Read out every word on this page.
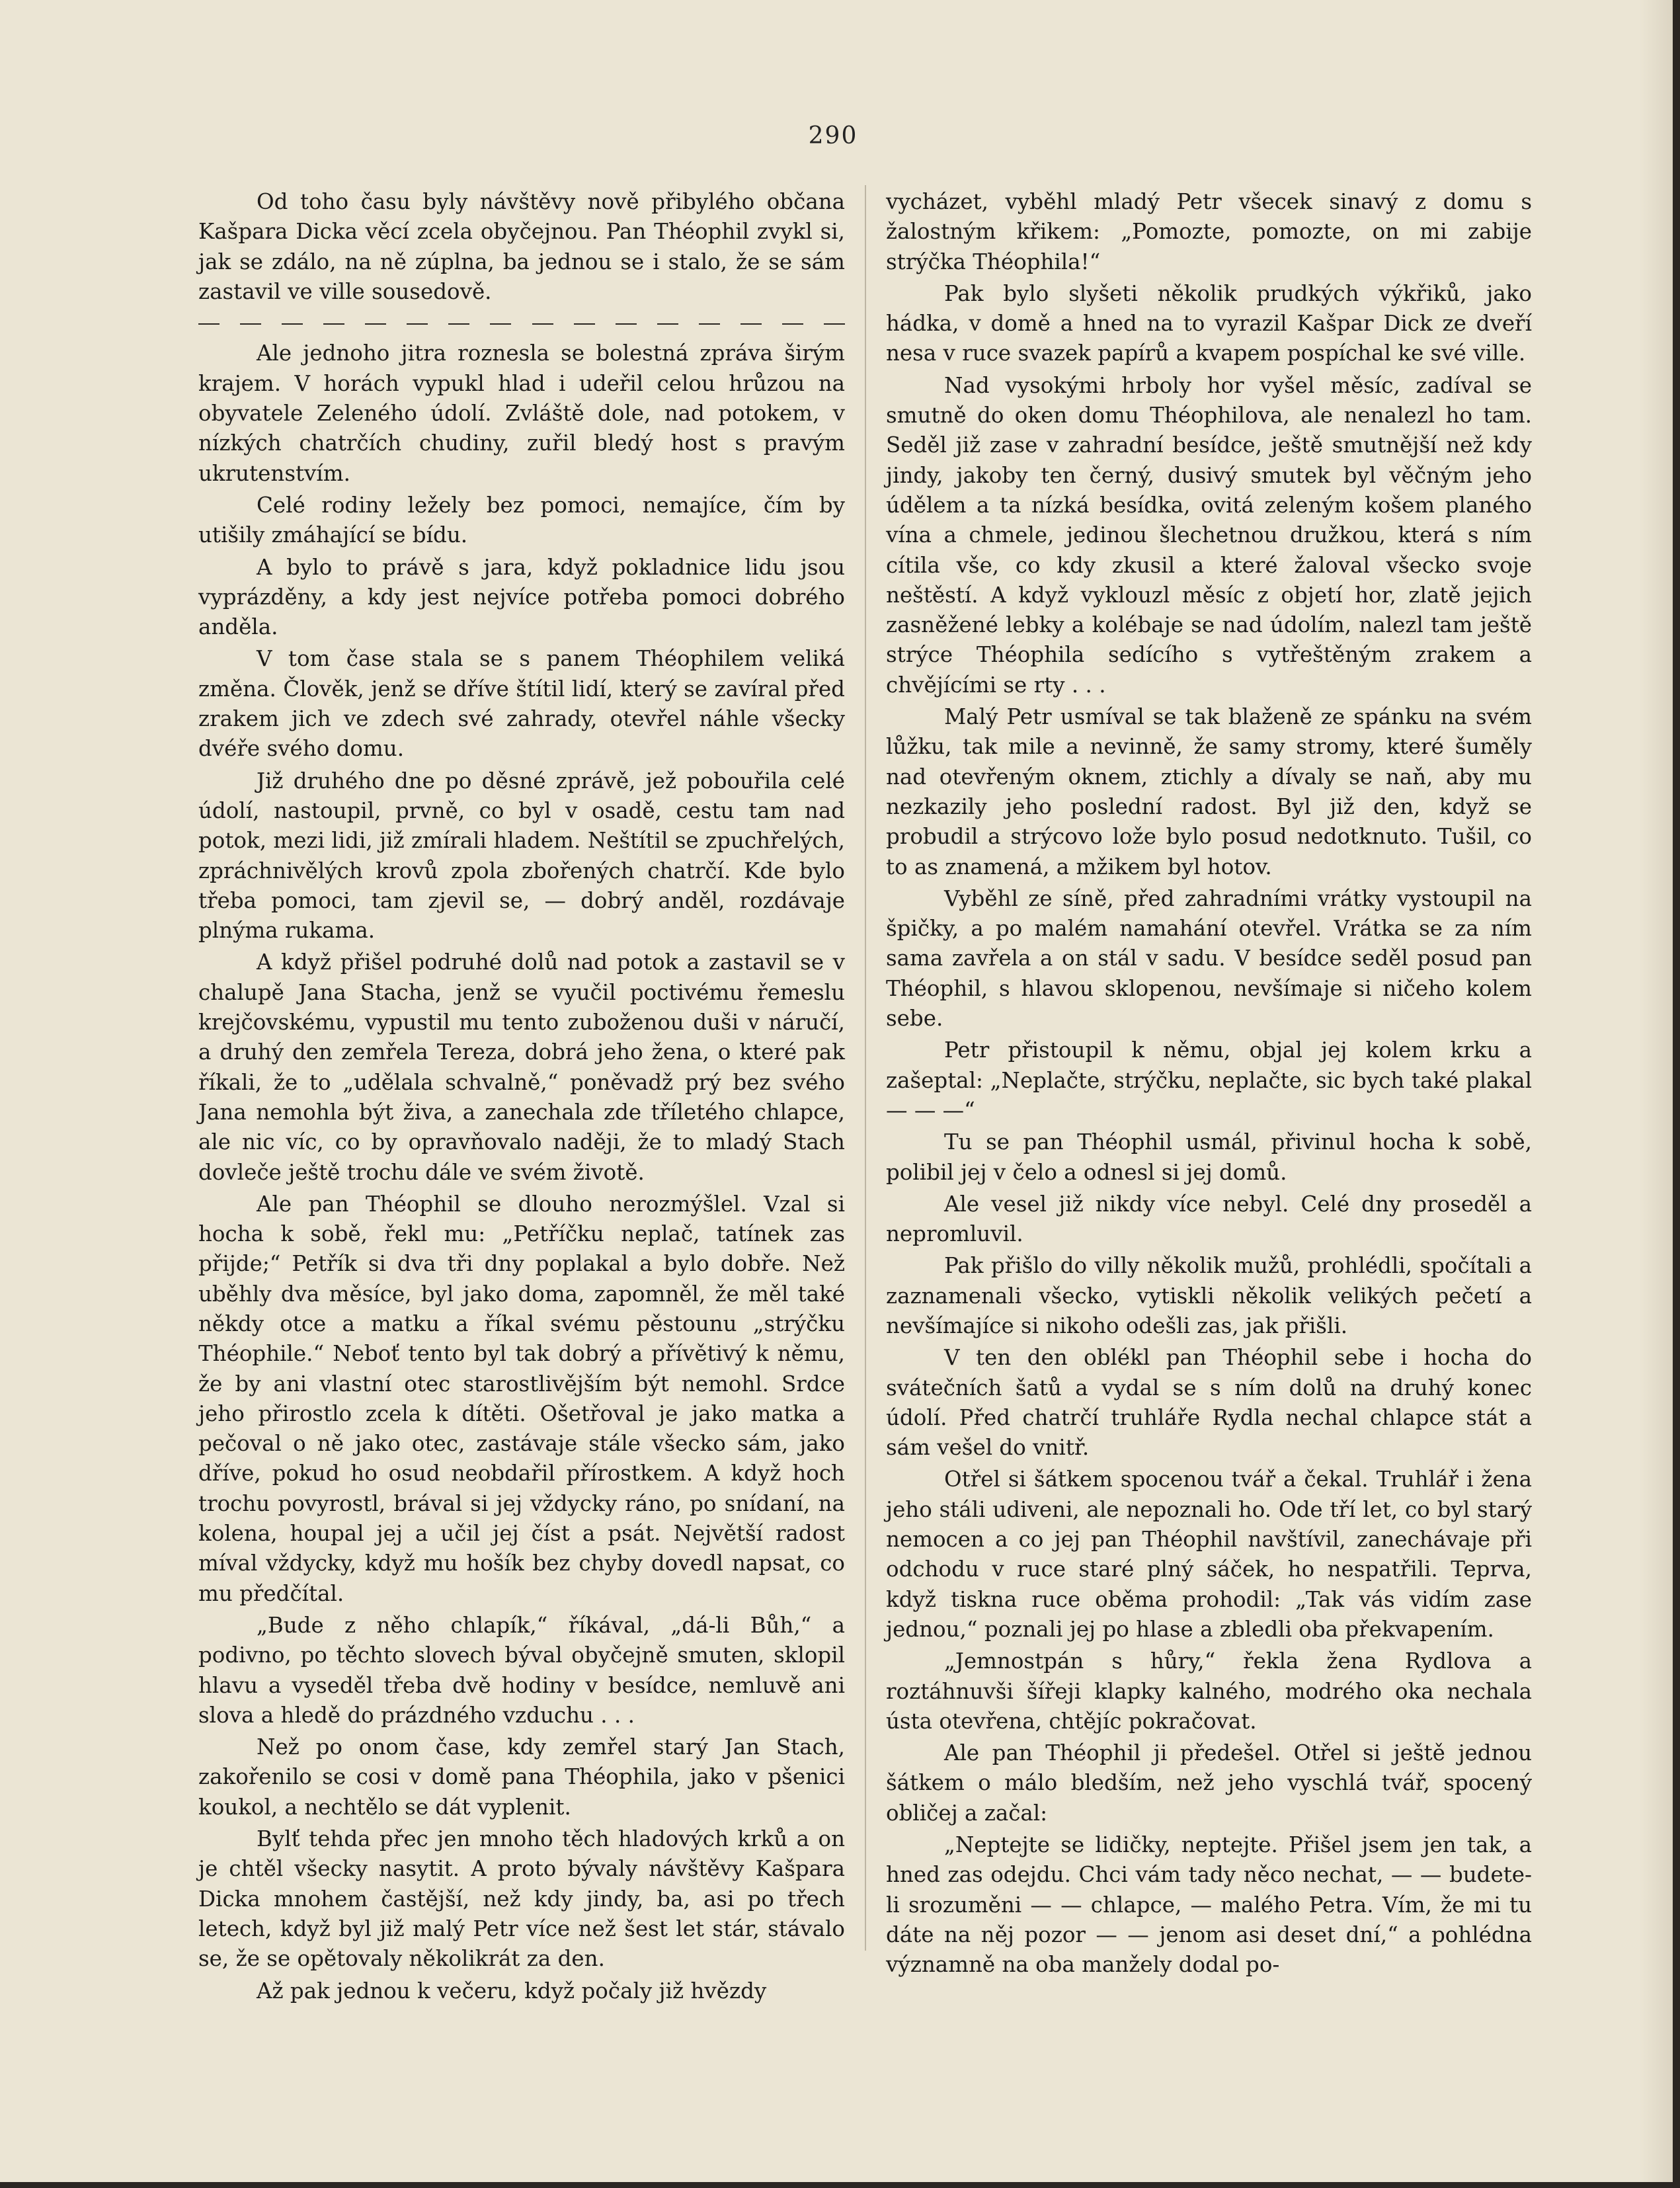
290

Od toho času byly návštěvy nově přibylého občana Kašpara Dicka věcí zcela obyčejnou. Pan Théophil zvykl si, jak se zdálo, na ně zúplna, ba jednou se i stalo, že se sám zastavil ve ville sousedově.

Ale jednoho jitra roznesla se bolestná zpráva širým krajem. V horách vypukl hlad i udeřil celou hrůzou na obyvatele Zeleného údolí. Zvláště dole, nad potokem, v nízkých chatrčích chudiny, zuřil bledý host s pravým ukrutenstvím.

Celé rodiny ležely bez pomoci, nemajíce, čím by utišily zmáhající se bídu.

A bylo to právě s jara, když pokladnice lidu jsou vyprázděny, a kdy jest nejvíce potřeba pomoci dobrého anděla.

V tom čase stala se s panem Théophilem veliká změna. Člověk, jenž se dříve štítil lidí, který se zavíral před zrakem jich ve zdech své zahrady, otevřel náhle všecky dvéře svého domu.

Již druhého dne po děsné zprávě, jež pobouřila celé údolí, nastoupil, prvně, co byl v osadě, cestu tam nad potok, mezi lidi, již zmírali hladem. Neštítil se zpuchřelých, zpráchnivělých krovů zpola zbořených chatrčí. Kde bylo třeba pomoci, tam zjevil se, — dobrý anděl, rozdávaje plnýma rukama.

A když přišel podruhé dolů nad potok a zastavil se v chalupě Jana Stacha, jenž se vyučil poctivému řemeslu krejčovskému, vypustil mu tento zuboženou duši v náručí, a druhý den zemřela Tereza, dobrá jeho žena, o které pak říkali, že to „udělala schvalně,“ poněvadž prý bez svého Jana nemohla být živa, a zanechala zde tříletého chlapce, ale nic víc, co by opravňovalo naději, že to mladý Stach dovleče ještě trochu dále ve svém životě.

Ale pan Théophil se dlouho nerozmýšlel. Vzal si hocha k sobě, řekl mu: „Petříčku neplač, tatínek zas přijde;“ Petřík si dva tři dny poplakal a bylo dobře. Než uběhly dva měsíce, byl jako doma, zapomněl, že měl také někdy otce a matku a říkal svému pěstounu „strýčku Théophile.“ Neboť tento byl tak dobrý a přívětivý k němu, že by ani vlastní otec starostlivějším být nemohl. Srdce jeho přirostlo zcela k dítěti. Ošetřoval je jako matka a pečoval o ně jako otec, zastávaje stále všecko sám, jako dříve, pokud ho osud neobdařil přírostkem. A když hoch trochu povyrostl, brával si jej vždycky ráno, po snídaní, na kolena, houpal jej a učil jej číst a psát. Největší radost míval vždycky, když mu hošík bez chyby dovedl napsat, co mu předčítal.

„Bude z něho chlapík,“ říkával, „dá-li Bůh,“ a podivno, po těchto slovech býval obyčejně smuten, sklopil hlavu a vyseděl třeba dvě hodiny v besídce, nemluvě ani slova a hledě do prázdného vzduchu . . .

Než po onom čase, kdy zemřel starý Jan Stach, zakořenilo se cosi v domě pana Théophila, jako v pšenici koukol, a nechtělo se dát vyplenit.

Bylť tehda přec jen mnoho těch hladových krků a on je chtěl všecky nasytit. A proto bývaly návštěvy Kašpara Dicka mnohem častější, než kdy jindy, ba, asi po třech letech, když byl již malý Petr více než šest let stár, stávalo se, že se opětovaly několikrát za den.

Až pak jednou k večeru, když počaly již hvězdy

vycházet, vyběhl mladý Petr všecek sinavý z domu s žalostným křikem: „Pomozte, pomozte, on mi zabije strýčka Théophila!“

Pak bylo slyšeti několik prudkých výkřiků, jako hádka, v domě a hned na to vyrazil Kašpar Dick ze dveří nesa v ruce svazek papírů a kvapem pospíchal ke své ville.

Nad vysokými hrboly hor vyšel měsíc, zadíval se smutně do oken domu Théophilova, ale nenalezl ho tam. Seděl již zase v zahradní besídce, ještě smutnější než kdy jindy, jakoby ten černý, dusivý smutek byl věčným jeho údělem a ta nízká besídka, ovitá zeleným košem planého vína a chmele, jedinou šlechetnou družkou, která s ním cítila vše, co kdy zkusil a které žaloval všecko svoje neštěstí. A když vyklouzl měsíc z objetí hor, zlatě jejich zasněžené lebky a kolébaje se nad údolím, nalezl tam ještě strýce Théophila sedícího s vytřeštěným zrakem a chvějícími se rty . . .

Malý Petr usmíval se tak blaženě ze spánku na svém lůžku, tak mile a nevinně, že samy stromy, které šuměly nad otevřeným oknem, ztichly a dívaly se naň, aby mu nezkazily jeho poslední radost. Byl již den, když se probudil a strýcovo lože bylo posud nedotknuto. Tušil, co to as znamená, a mžikem byl hotov.

Vyběhl ze síně, před zahradními vrátky vystoupil na špičky, a po malém namahání otevřel. Vrátka se za ním sama zavřela a on stál v sadu. V besídce seděl posud pan Théophil, s hlavou sklopenou, nevšímaje si ničeho kolem sebe.

Petr přistoupil k němu, objal jej kolem krku a zašeptal: „Neplačte, strýčku, neplačte, sic bych také plakal — — —“

Tu se pan Théophil usmál, přivinul hocha k sobě, polibil jej v čelo a odnesl si jej domů.

Ale vesel již nikdy více nebyl. Celé dny proseděl a nepromluvil.

Pak přišlo do villy několik mužů, prohlédli, spočítali a zaznamenali všecko, vytiskli několik velikých pečetí a nevšímajíce si nikoho odešli zas, jak přišli.

V ten den oblékl pan Théophil sebe i hocha do svátečních šatů a vydal se s ním dolů na druhý konec údolí. Před chatrčí truhláře Rydla nechal chlapce stát a sám vešel do vnitř.

Otřel si šátkem spocenou tvář a čekal. Truhlář i žena jeho stáli udiveni, ale nepoznali ho. Ode tří let, co byl starý nemocen a co jej pan Théophil navštívil, zanechávaje při odchodu v ruce staré plný sáček, ho nespatřili. Teprva, když tiskna ruce oběma prohodil: „Tak vás vidím zase jednou,“ poznali jej po hlase a zbledli oba překvapením.

„Jemnostpán s hůry,“ řekla žena Rydlova a roztáhnuvši šířeji klapky kalného, modrého oka nechala ústa otevřena, chtějíc pokračovat.

Ale pan Théophil ji předešel. Otřel si ještě jednou šátkem o málo bledším, než jeho vyschlá tvář, spocený obličej a začal:

„Neptejte se lidičky, neptejte. Přišel jsem jen tak, a hned zas odejdu. Chci vám tady něco nechat, — — budete-li srozuměni — — chlapce, — malého Petra. Vím, že mi tu dáte na něj pozor — — jenom asi deset dní,“ a pohlédna významně na oba manžely dodal po-
